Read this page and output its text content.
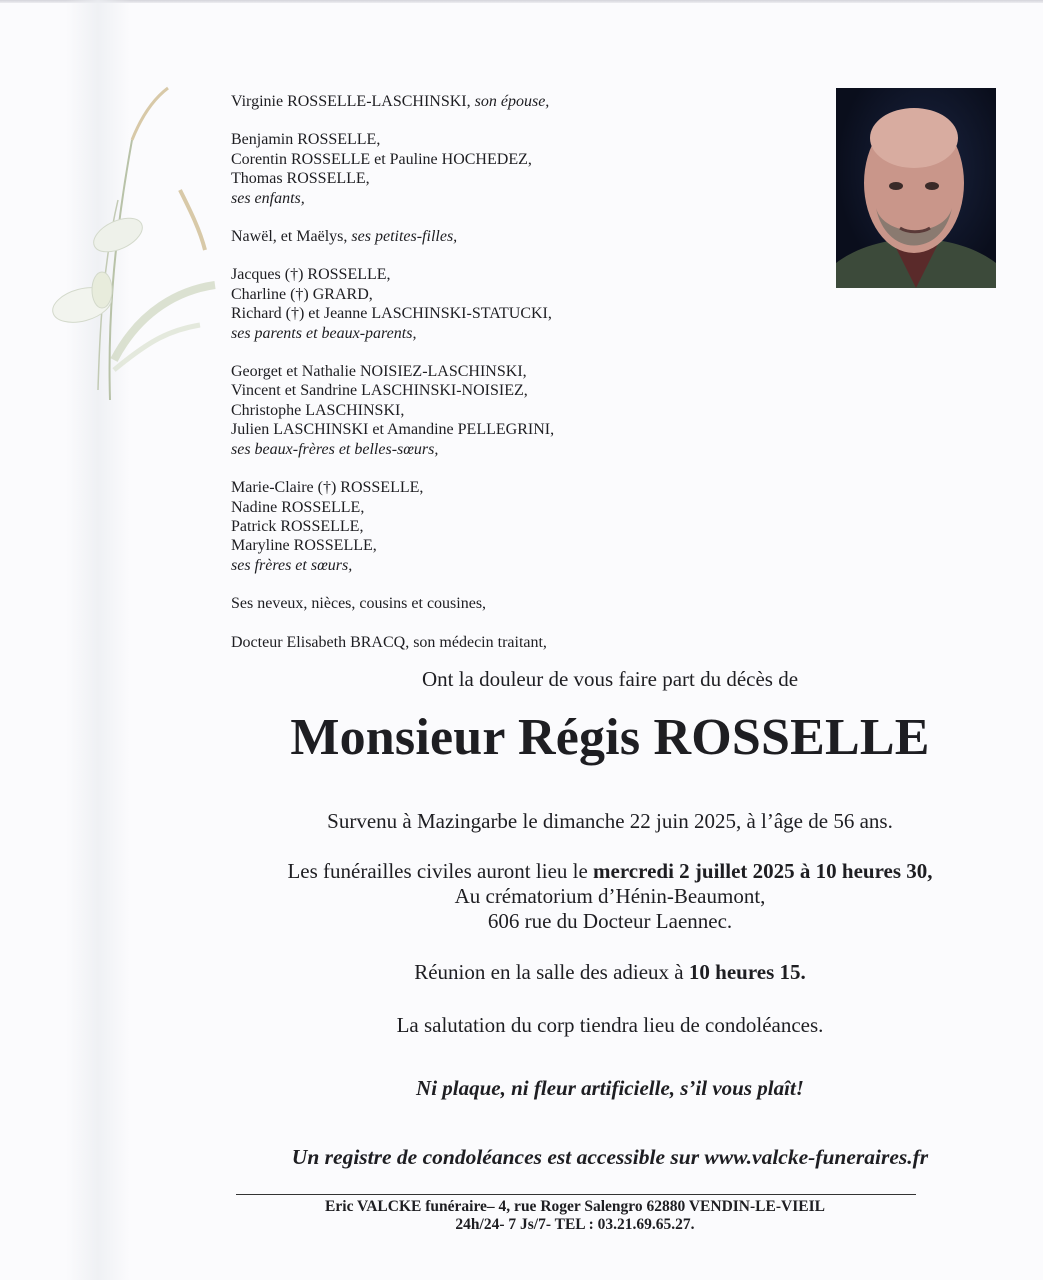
Virginie ROSSELLE-LASCHINSKI, son épouse,
Benjamin ROSSELLE,
Corentin ROSSELLE et Pauline HOCHEDEZ,
Thomas ROSSELLE,
ses enfants,
Nawël, et Maëlys, ses petites-filles,
Jacques (†) ROSSELLE,
Charline (†) GRARD,
Richard (†) et Jeanne LASCHINSKI-STATUCKI,
ses parents et beaux-parents,
Georget et Nathalie NOISIEZ-LASCHINSKI,
Vincent et Sandrine LASCHINSKI-NOISIEZ,
Christophe LASCHINSKI,
Julien LASCHINSKI et Amandine PELLEGRINI,
ses beaux-frères et belles-sœurs,
Marie-Claire (†) ROSSELLE,
Nadine ROSSELLE,
Patrick ROSSELLE,
Maryline ROSSELLE,
ses frères et sœurs,
Ses neveux, nièces, cousins et cousines,
Docteur Elisabeth BRACQ, son médecin traitant,
Ont la douleur de vous faire part du décès de
Monsieur Régis ROSSELLE
Survenu à Mazingarbe le dimanche 22 juin 2025, à l’âge de 56 ans.
Les funérailles civiles auront lieu le mercredi 2 juillet 2025 à 10 heures 30,
Au crématorium d’Hénin-Beaumont,
606 rue du Docteur Laennec.
Réunion en la salle des adieux à 10 heures 15.
La salutation du corp tiendra lieu de condoléances.
Ni plaque, ni fleur artificielle, s’il vous plaît!
Un registre de condoléances est accessible sur www.valcke-funeraires.fr
Eric VALCKE funéraire– 4, rue Roger Salengro 62880 VENDIN-LE-VIEIL
24h/24- 7 Js/7- TEL : 03.21.69.65.27.
